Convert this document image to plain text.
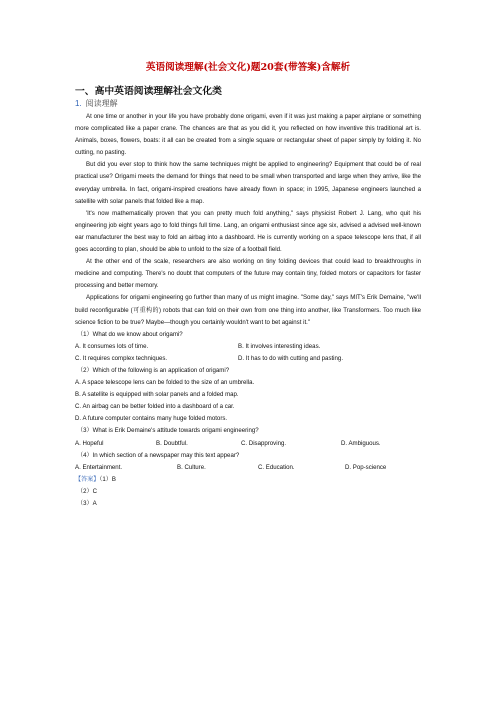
英语阅读理解(社会文化)题20套(带答案)含解析
一、高中英语阅读理解社会文化类
1. 阅读理解

At one time or another in your life you have probably done origami, even if it was just making a paper airplane or something more complicated like a paper crane. The chances are that as you did it, you reflected on how inventive this traditional art is. Animals, boxes, flowers, boats: it all can be created from a single square or rectangular sheet of paper simply by folding it. No cutting, no pasting.

But did you ever stop to think how the same techniques might be applied to engineering? Equipment that could be of real practical use? Origami meets the demand for things that need to be small when transported and large when they arrive, like the everyday umbrella. In fact, origami-inspired creations have already flown in space; in 1995, Japanese engineers launched a satellite with solar panels that folded like a map.

'It's now mathematically proven that you can pretty much fold anything," says physicist Robert J. Lang, who quit his engineering job eight years ago to fold things full time. Lang, an origami enthusiast since age six, advised a advised well-known ear manufacturer the best way to fold an airbag into a dashboard. He is currently working on a space telescope lens that, if all goes according to plan, should be able to unfold to the size of a football field.

At the other end of the scale, researchers are also working on tiny folding devices that could lead to breakthroughs in medicine and computing. There's no doubt that computers of the future may contain tiny, folded motors or capacitors for faster processing and better memory.

Applications for origami engineering go further than many of us might imagine. "Some day," says MIT's Erik Demaine, "we'll build reconfigurable (可重构的) robots that can fold on their own from one thing into another, like Transformers. Too much like science fiction to be true? Maybe—though you certainly wouldn't want to bet against it."

（1）What do we know about origami?

A. It consumes lots of time.	B. It involves interesting ideas.
C. It requires complex techniques.	D. It has to do with cutting and pasting.

（2）Which of the following is an application of origami?

A. A space telescope lens can be folded to the size of an umbrella.

B. A satellite is equipped with solar panels and a folded map.

C. An airbag can be better folded into a dashboard of a car.

D. A future computer contains many huge folded motors.

（3）What is Erik Demaine's attitude towards origami engineering?

A. Hopeful	B. Doubtful.	C. Disapproving.	D. Ambiguous.

（4）In which section of a newspaper may this text appear?

A. Entertainment.	B. Culture.	C. Education.	D. Pop-science

【答案】（1）B

（2）C

（3）A
